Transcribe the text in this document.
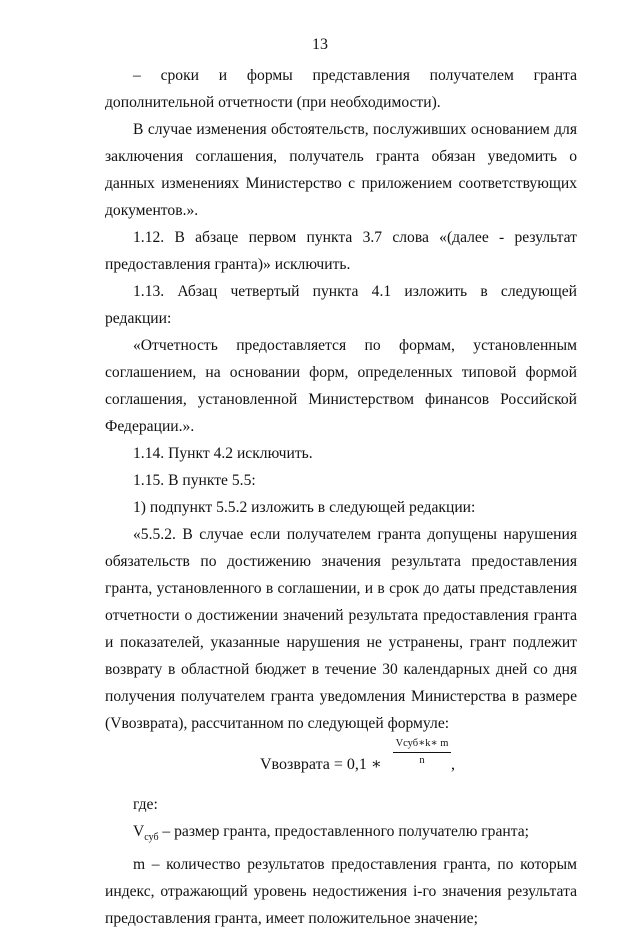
13

– сроки и формы представления получателем гранта дополнительной отчетности (при необходимости).

В случае изменения обстоятельств, послуживших основанием для заключения соглашения, получатель гранта обязан уведомить о данных изменениях Министерство с приложением соответствующих документов.».

1.12. В абзаце первом пункта 3.7 слова «(далее - результат предоставления гранта)» исключить.

1.13. Абзац четвертый пункта 4.1 изложить в следующей редакции:

«Отчетность предоставляется по формам, установленным соглашением, на основании форм, определенных типовой формой соглашения, установленной Министерством финансов Российской Федерации.».

1.14. Пункт 4.2 исключить.

1.15. В пункте 5.5:

1) подпункт 5.5.2 изложить в следующей редакции:

«5.5.2. В случае если получателем гранта допущены нарушения обязательств по достижению значения результата предоставления гранта, установленного в соглашении, и в срок до даты представления отчетности о достижении значений результата предоставления гранта и показателей, указанные нарушения не устранены, грант подлежит возврату в областной бюджет в течение 30 календарных дней со дня получения получателем гранта уведомления Министерства в размере (Vвозврата), рассчитанном по следующей формуле:

Vвозврата = 0,1 ∗
Vсуб∗k∗ m
n	,

где:

$V_{суб}$ – размер гранта, предоставленного получателю гранта;

m – количество результатов предоставления гранта, по которым индекс, отражающий уровень недостижения i-го значения результата предоставления гранта, имеет положительное значение;
